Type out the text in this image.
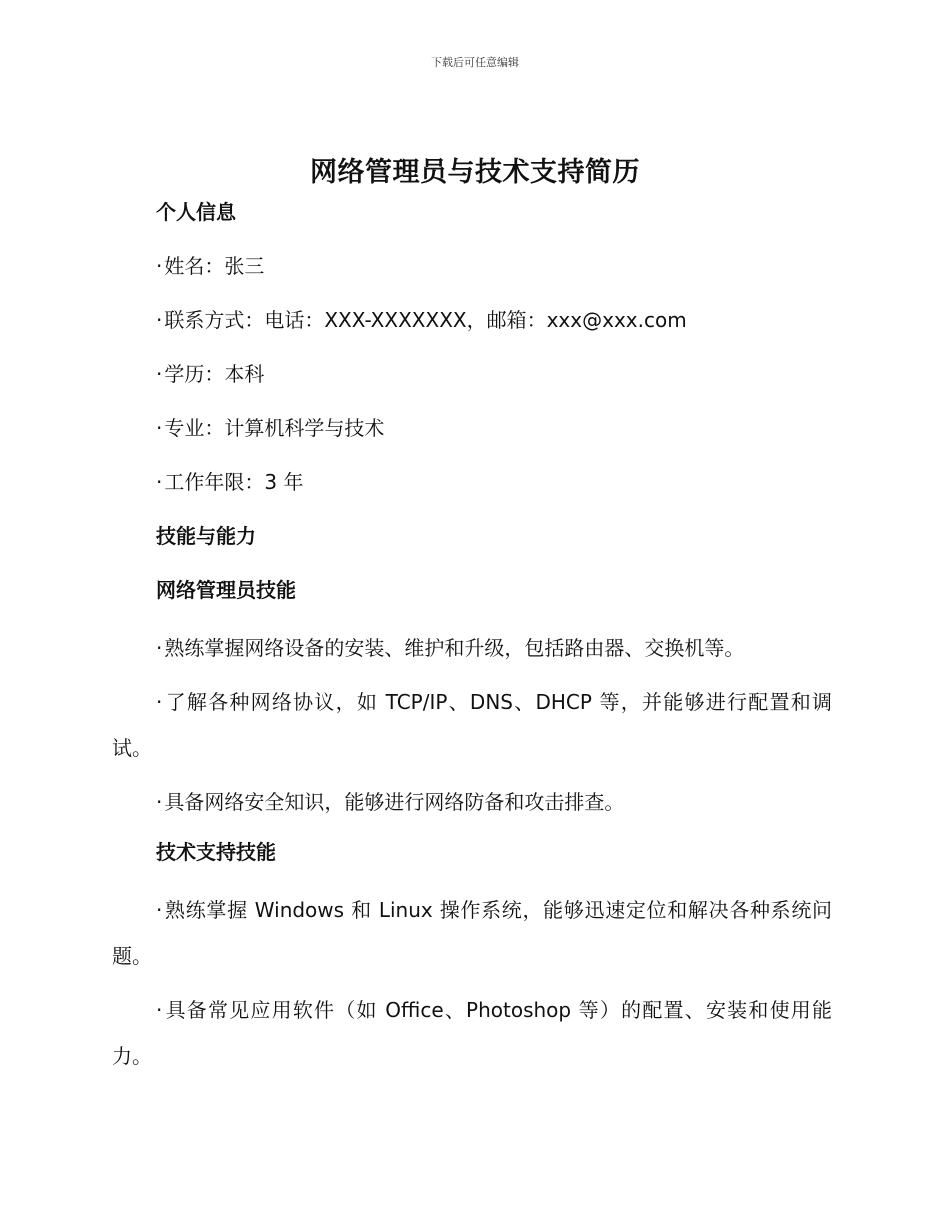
下载后可任意编辑
网络管理员与技术支持简历
个人信息
· 姓名：张三
· 联系方式：电话：XXX-XXXXXXX，邮箱：xxx@xxx.com
· 学历：本科
· 专业：计算机科学与技术
· 工作年限：3 年
技能与能力
网络管理员技能
· 熟练掌握网络设备的安装、维护和升级，包括路由器、交换机等。
· 了解各种网络协议，如 TCP/IP、DNS、DHCP 等，并能够进行配置和调试。
· 具备网络安全知识，能够进行网络防备和攻击排查。
技术支持技能
· 熟练掌握 Windows 和 Linux 操作系统，能够迅速定位和解决各种系统问题。
· 具备常见应用软件（如 Office、Photoshop 等）的配置、安装和使用能力。
